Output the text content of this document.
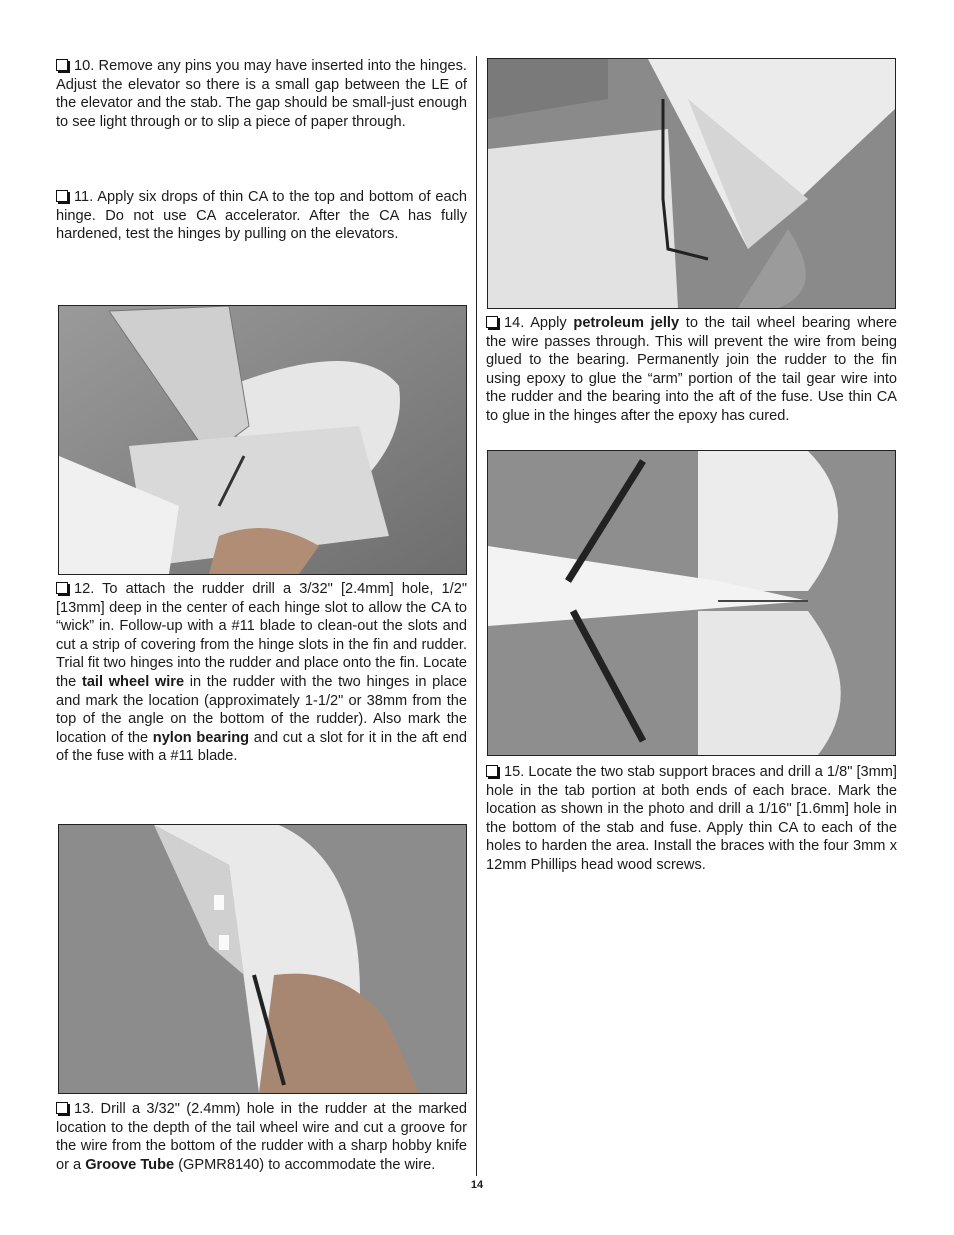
10. Remove any pins you may have inserted into the hinges. Adjust the elevator so there is a small gap between the LE of the elevator and the stab. The gap should be small-just enough to see light through or to slip a piece of paper through.
11. Apply six drops of thin CA to the top and bottom of each hinge. Do not use CA accelerator. After the CA has fully hardened, test the hinges by pulling on the elevators.
12. To attach the rudder drill a 3/32" [2.4mm] hole, 1/2" [13mm] deep in the center of each hinge slot to allow the CA to “wick” in. Follow-up with a #11 blade to clean-out the slots and cut a strip of covering from the hinge slots in the fin and rudder. Trial fit two hinges into the rudder and place onto the fin. Locate the tail wheel wire in the rudder with the two hinges in place and mark the location (approximately 1-1/2" or 38mm from the top of the angle on the bottom of the rudder). Also mark the location of the nylon bearing and cut a slot for it in the aft end of the fuse with a #11 blade.
13. Drill a 3/32" (2.4mm) hole in the rudder at the marked location to the depth of the tail wheel wire and cut a groove for the wire from the bottom of the rudder with a sharp hobby knife or a Groove Tube (GPMR8140) to accommodate the wire.
14. Apply petroleum jelly to the tail wheel bearing where the wire passes through. This will prevent the wire from being glued to the bearing. Permanently join the rudder to the fin using epoxy to glue the “arm” portion of the tail gear wire into the rudder and the bearing into the aft of the fuse. Use thin CA to glue in the hinges after the epoxy has cured.
15. Locate the two stab support braces and drill a 1/8" [3mm] hole in the tab portion at both ends of each brace. Mark the location as shown in the photo and drill a 1/16" [1.6mm] hole in the bottom of the stab and fuse. Apply thin CA to each of the holes to harden the area. Install the braces with the four 3mm x 12mm Phillips head wood screws.
14
